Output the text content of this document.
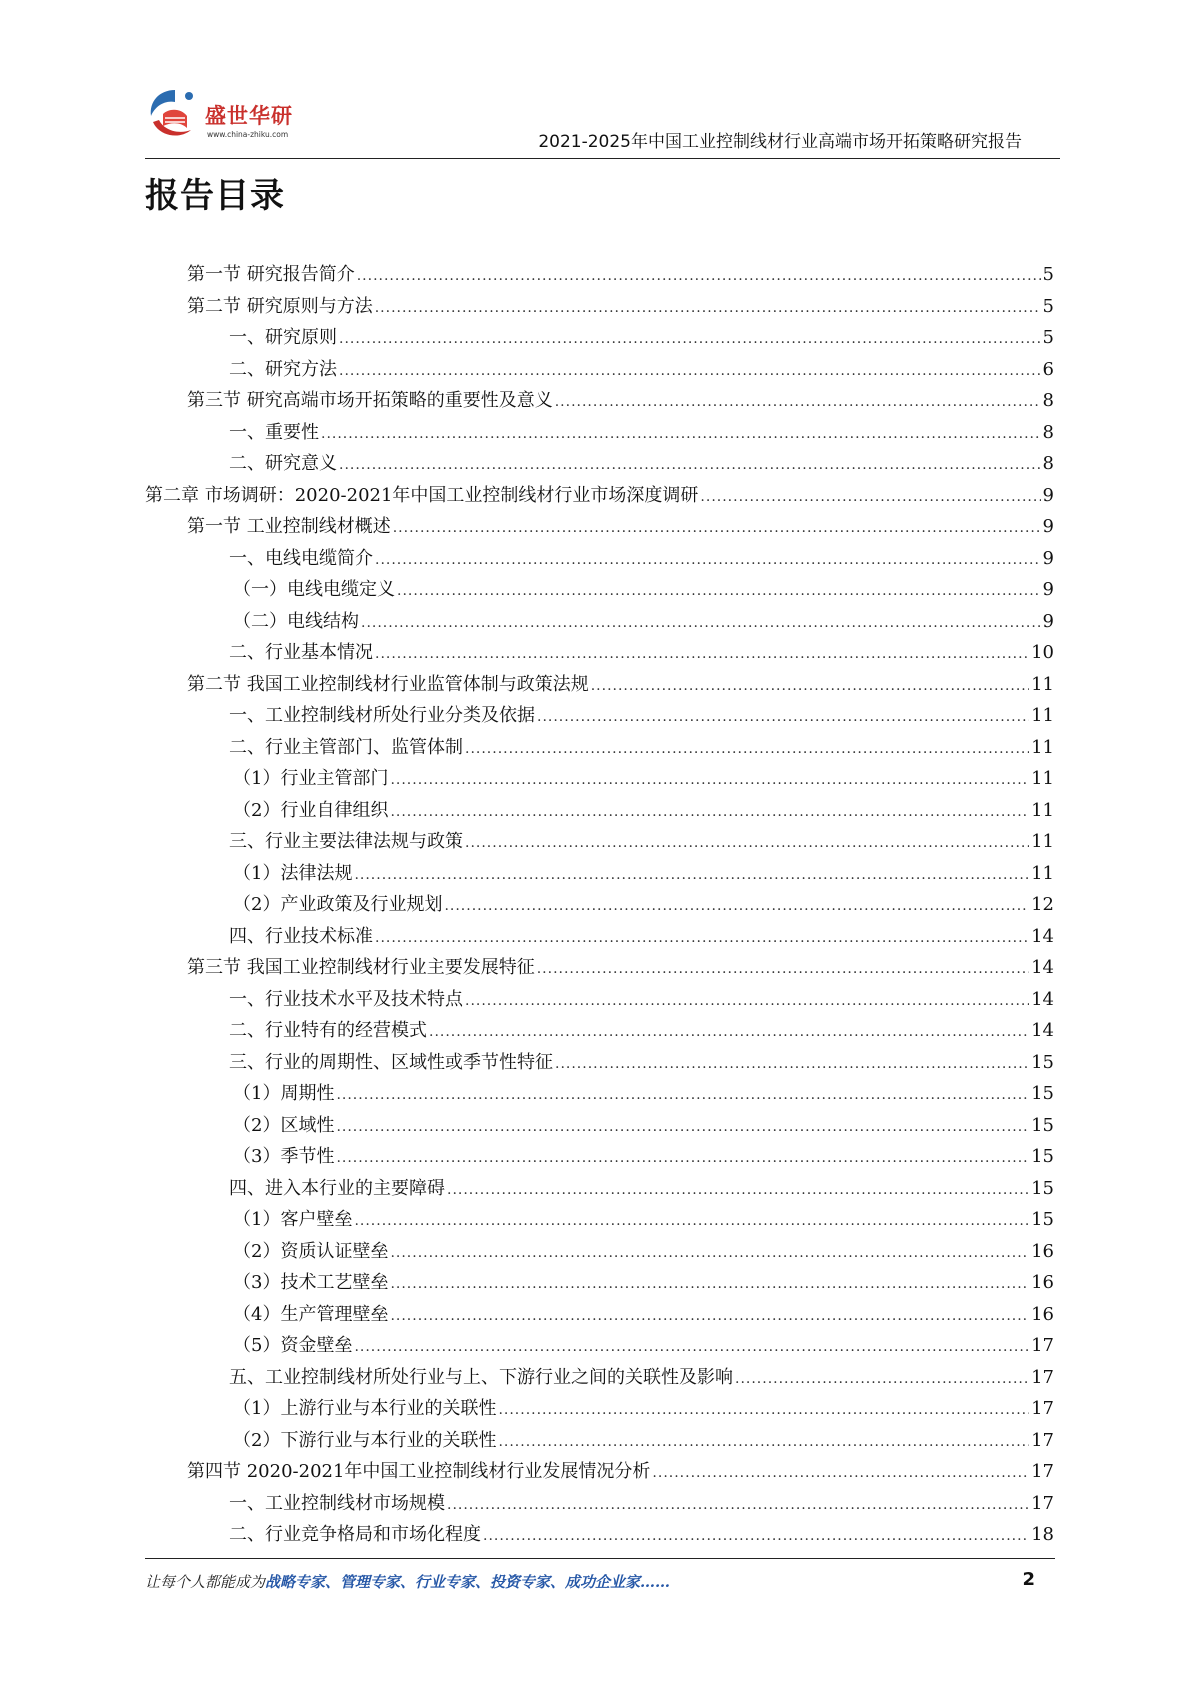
盛世华研
www.china-zhiku.com	2021-2025年中国工业控制线材行业高端市场开拓策略研究报告
报告目录
第一节 研究报告简介 .....	5
第二节 研究原则与方法 .....	5
一、研究原则 .....	5
二、研究方法 .....	6
第三节 研究高端市场开拓策略的重要性及意义 .....	8
一、重要性 .....	8
二、研究意义 .....	8
第二章 市场调研：2020-2021年中国工业控制线材行业市场深度调研 .....	9
第一节 工业控制线材概述 .....	9
一、电线电缆简介 .....	9
（一）电线电缆定义 .....	9
（二）电线结构 .....	9
二、行业基本情况 .....	10
第二节 我国工业控制线材行业监管体制与政策法规 .....	11
一、工业控制线材所处行业分类及依据 .....	11
二、行业主管部门、监管体制 .....	11
（1）行业主管部门 .....	11
（2）行业自律组织 .....	11
三、行业主要法律法规与政策 .....	11
（1）法律法规 .....	11
（2）产业政策及行业规划 .....	12
四、行业技术标准 .....	14
第三节 我国工业控制线材行业主要发展特征 .....	14
一、行业技术水平及技术特点 .....	14
二、行业特有的经营模式 .....	14
三、行业的周期性、区域性或季节性特征 .....	15
（1）周期性 .....	15
（2）区域性 .....	15
（3）季节性 .....	15
四、进入本行业的主要障碍 .....	15
（1）客户壁垒 .....	15
（2）资质认证壁垒 .....	16
（3）技术工艺壁垒 .....	16
（4）生产管理壁垒 .....	16
（5）资金壁垒 .....	17
五、工业控制线材所处行业与上、下游行业之间的关联性及影响 .....	17
（1）上游行业与本行业的关联性 .....	17
（2）下游行业与本行业的关联性 .....	17
第四节 2020-2021年中国工业控制线材行业发展情况分析 .....	17
一、工业控制线材市场规模 .....	17
二、行业竞争格局和市场化程度 .....	18
让每个人都能成为战略专家、管理专家、行业专家、投资专家、成功企业家……	2
